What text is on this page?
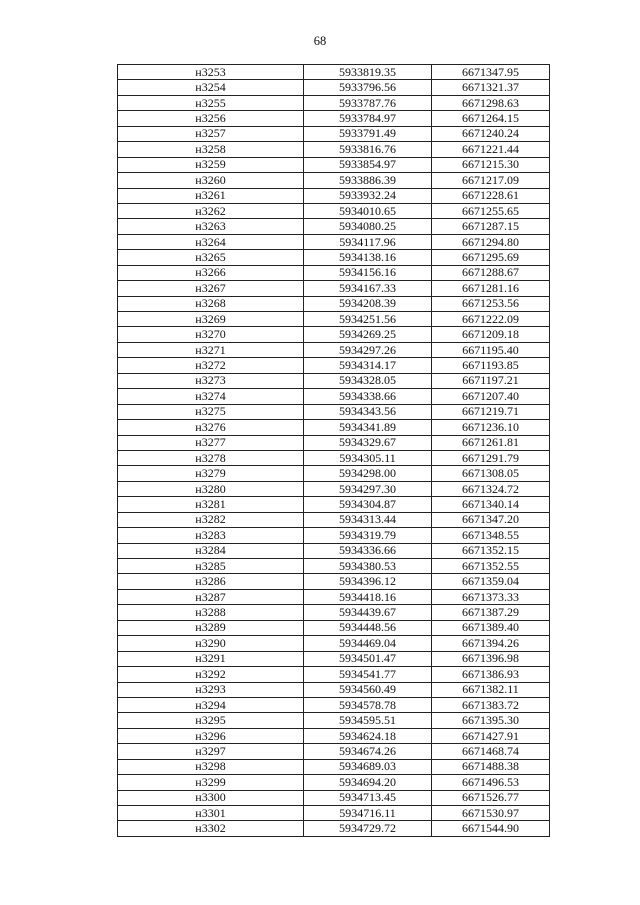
68
н3253	5933819.35	6671347.95
н3254	5933796.56	6671321.37
н3255	5933787.76	6671298.63
н3256	5933784.97	6671264.15
н3257	5933791.49	6671240.24
н3258	5933816.76	6671221.44
н3259	5933854.97	6671215.30
н3260	5933886.39	6671217.09
н3261	5933932.24	6671228.61
н3262	5934010.65	6671255.65
н3263	5934080.25	6671287.15
н3264	5934117.96	6671294.80
н3265	5934138.16	6671295.69
н3266	5934156.16	6671288.67
н3267	5934167.33	6671281.16
н3268	5934208.39	6671253.56
н3269	5934251.56	6671222.09
н3270	5934269.25	6671209.18
н3271	5934297.26	6671195.40
н3272	5934314.17	6671193.85
н3273	5934328.05	6671197.21
н3274	5934338.66	6671207.40
н3275	5934343.56	6671219.71
н3276	5934341.89	6671236.10
н3277	5934329.67	6671261.81
н3278	5934305.11	6671291.79
н3279	5934298.00	6671308.05
н3280	5934297.30	6671324.72
н3281	5934304.87	6671340.14
н3282	5934313.44	6671347.20
н3283	5934319.79	6671348.55
н3284	5934336.66	6671352.15
н3285	5934380.53	6671352.55
н3286	5934396.12	6671359.04
н3287	5934418.16	6671373.33
н3288	5934439.67	6671387.29
н3289	5934448.56	6671389.40
н3290	5934469.04	6671394.26
н3291	5934501.47	6671396.98
н3292	5934541.77	6671386.93
н3293	5934560.49	6671382.11
н3294	5934578.78	6671383.72
н3295	5934595.51	6671395.30
н3296	5934624.18	6671427.91
н3297	5934674.26	6671468.74
н3298	5934689.03	6671488.38
н3299	5934694.20	6671496.53
н3300	5934713.45	6671526.77
н3301	5934716.11	6671530.97
н3302	5934729.72	6671544.90
